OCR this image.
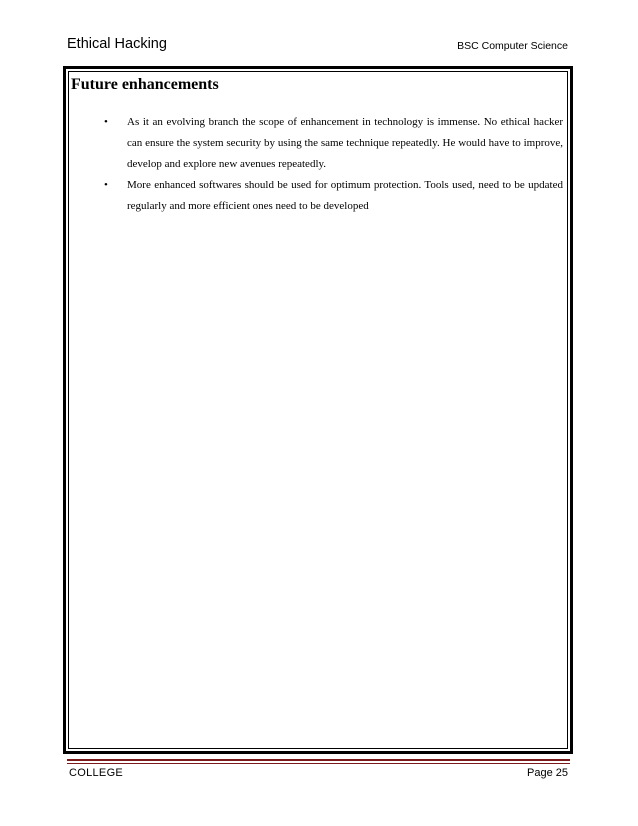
Ethical Hacking	BSC Computer Science
Future enhancements
• As it an evolving branch the scope of enhancement in technology is immense. No ethical hacker can ensure the system security by using the same technique repeatedly. He would have to improve, develop and explore new avenues repeatedly.
• More enhanced softwares should be used for optimum protection. Tools used, need to be updated regularly and more efficient ones need to be developed
COLLEGE	Page 25
